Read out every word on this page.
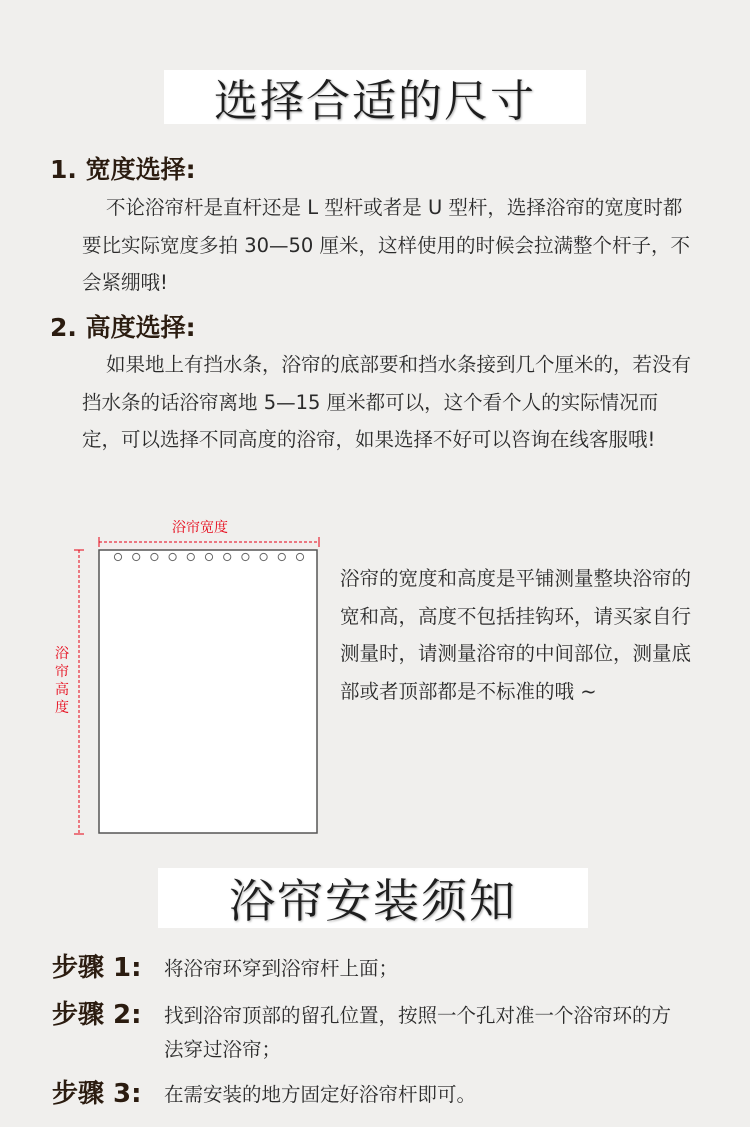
选择合适的尺寸
1. 宽度选择:
不论浴帘杆是直杆还是 L 型杆或者是 U 型杆，选择浴帘的宽度时都要比实际宽度多拍 30—50 厘米，这样使用的时候会拉满整个杆子，不会紧绷哦!
2. 高度选择:
如果地上有挡水条，浴帘的底部要和挡水条接到几个厘米的，若没有挡水条的话浴帘离地 5—15 厘米都可以，这个看个人的实际情况而定，可以选择不同高度的浴帘，如果选择不好可以咨询在线客服哦!
浴帘宽度
浴
帘
高
度
浴帘的宽度和高度是平铺测量整块浴帘的宽和高，高度不包括挂钩环，请买家自行测量时，请测量浴帘的中间部位，测量底部或者顶部都是不标准的哦 ~
浴帘安装须知
步骤 1:	将浴帘环穿到浴帘杆上面；
步骤 2:	找到浴帘顶部的留孔位置，按照一个孔对准一个浴帘环的方法穿过浴帘；
步骤 3:	在需安装的地方固定好浴帘杆即可。
